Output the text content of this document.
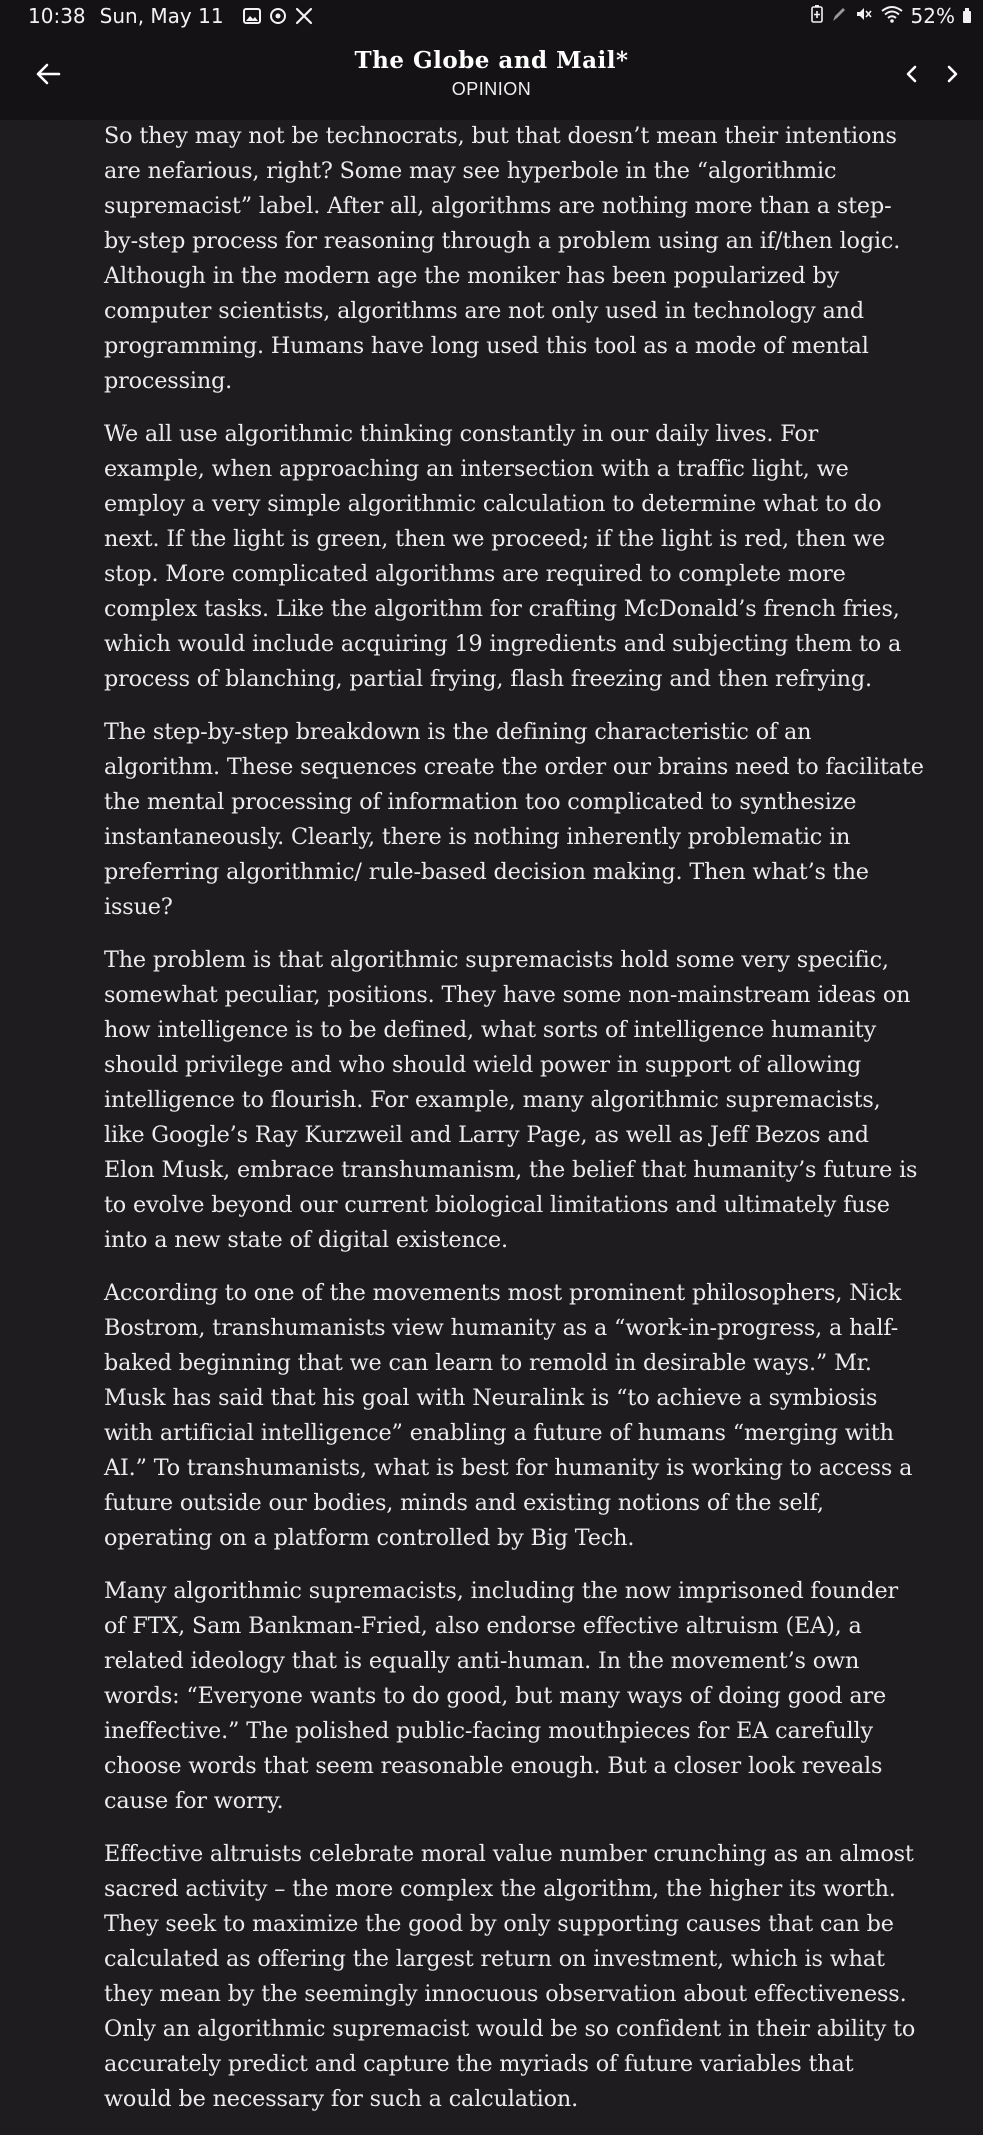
10:38 Sun, May 11	52%
The Globe and Mail*
OPINION

So they may not be technocrats, but that doesn’t mean their intentions are nefarious, right? Some may see hyperbole in the “algorithmic supremacist” label. After all, algorithms are nothing more than a step-by-step process for reasoning through a problem using an if/then logic. Although in the modern age the moniker has been popularized by computer scientists, algorithms are not only used in technology and programming. Humans have long used this tool as a mode of mental processing.

We all use algorithmic thinking constantly in our daily lives. For example, when approaching an intersection with a traffic light, we employ a very simple algorithmic calculation to determine what to do next. If the light is green, then we proceed; if the light is red, then we stop. More complicated algorithms are required to complete more complex tasks. Like the algorithm for crafting McDonald’s french fries, which would include acquiring 19 ingredients and subjecting them to a process of blanching, partial frying, flash freezing and then refrying.

The step-by-step breakdown is the defining characteristic of an algorithm. These sequences create the order our brains need to facilitate the mental processing of information too complicated to synthesize instantaneously. Clearly, there is nothing inherently problematic in preferring algorithmic/ rule-based decision making. Then what’s the issue?

The problem is that algorithmic supremacists hold some very specific, somewhat peculiar, positions. They have some non-mainstream ideas on how intelligence is to be defined, what sorts of intelligence humanity should privilege and who should wield power in support of allowing intelligence to flourish. For example, many algorithmic supremacists, like Google’s Ray Kurzweil and Larry Page, as well as Jeff Bezos and Elon Musk, embrace transhumanism, the belief that humanity’s future is to evolve beyond our current biological limitations and ultimately fuse into a new state of digital existence.

According to one of the movements most prominent philosophers, Nick Bostrom, transhumanists view humanity as a “work-in-progress, a half-baked beginning that we can learn to remold in desirable ways.” Mr. Musk has said that his goal with Neuralink is “to achieve a symbiosis with artificial intelligence” enabling a future of humans “merging with AI.” To transhumanists, what is best for humanity is working to access a future outside our bodies, minds and existing notions of the self, operating on a platform controlled by Big Tech.

Many algorithmic supremacists, including the now imprisoned founder of FTX, Sam Bankman-Fried, also endorse effective altruism (EA), a related ideology that is equally anti-human. In the movement’s own words: “Everyone wants to do good, but many ways of doing good are ineffective.” The polished public-facing mouthpieces for EA carefully choose words that seem reasonable enough. But a closer look reveals cause for worry.

Effective altruists celebrate moral value number crunching as an almost sacred activity – the more complex the algorithm, the higher its worth. They seek to maximize the good by only supporting causes that can be calculated as offering the largest return on investment, which is what they mean by the seemingly innocuous observation about effectiveness. Only an algorithmic supremacist would be so confident in their ability to accurately predict and capture the myriads of future variables that would be necessary for such a calculation.
